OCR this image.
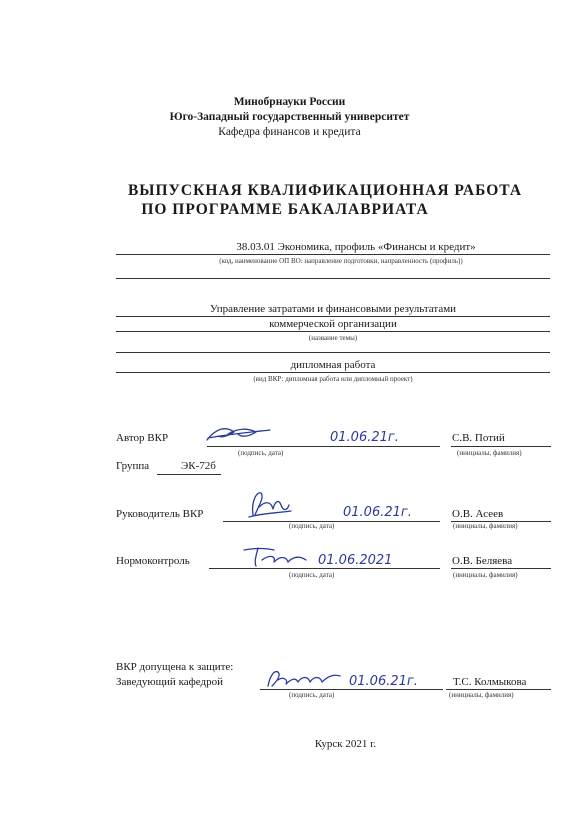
Минобрнауки России
Юго-Западный государственный университет
Кафедра финансов и кредита
ВЫПУСКНАЯ КВАЛИФИКАЦИОННАЯ РАБОТА
ПО ПРОГРАММЕ БАКАЛАВРИАТА
38.03.01 Экономика, профиль «Финансы и кредит»
(код, наименование ОП ВО: направление подготовки, направленность (профиль))
Управление затратами и финансовыми результатами
коммерческой организации
(название темы)
дипломная работа
(вид ВКР: дипломная работа или дипломный проект)
Автор ВКР	01.06.21г.
(подпись, дата)
С.В. Потий
(инициалы, фамилия)
Группа	ЭК-72б
Руководитель ВКР	01.06.21г.
(подпись, дата)
О.В. Асеев
(инициалы, фамилия)
Нормоконтроль	01.06.2021
(подпись, дата)
О.В. Беляева
(инициалы, фамилия)
ВКР допущена к защите:
Заведующий кафедрой	01.06.21г.
(подпись, дата)
Т.С. Колмыкова
(инициалы, фамилия)
Курск 2021 г.
